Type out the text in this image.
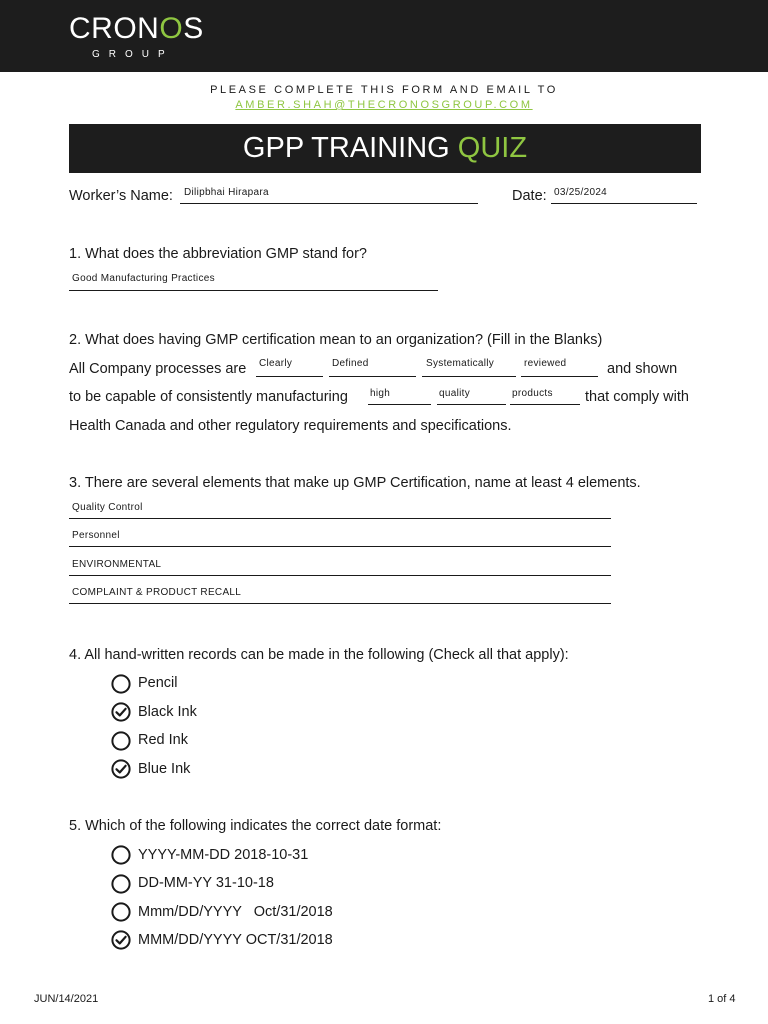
CRONOS
GROUP
PLEASE COMPLETE THIS FORM AND EMAIL TO
AMBER.SHAH@THECRONOSGROUP.COM
GPP TRAINING QUIZ
Worker’s Name: Dilipbhai Hirapara	Date: 03/25/2024
1. What does the abbreviation GMP stand for?
Good Manufacturing Practices
2. What does having GMP certification mean to an organization? (Fill in the Blanks)
All Company processes are Clearly	Defined	Systematically	reviewed	and shown
to be capable of consistently manufacturing high	quality	products that comply with
Health Canada and other regulatory requirements and specifications.
3. There are several elements that make up GMP Certification, name at least 4 elements.
Quality Control
Personnel
ENVIRONMENTAL
COMPLAINT & PRODUCT RECALL
4. All hand-written records can be made in the following (Check all that apply):
Pencil
Black Ink
Red Ink
Blue Ink
5. Which of the following indicates the correct date format:
YYYY-MM-DD 2018-10-31
DD-MM-YY 31-10-18
Mmm/DD/YYYY   Oct/31/2018
MMM/DD/YYYY OCT/31/2018
JUN/14/2021	1 of 4
